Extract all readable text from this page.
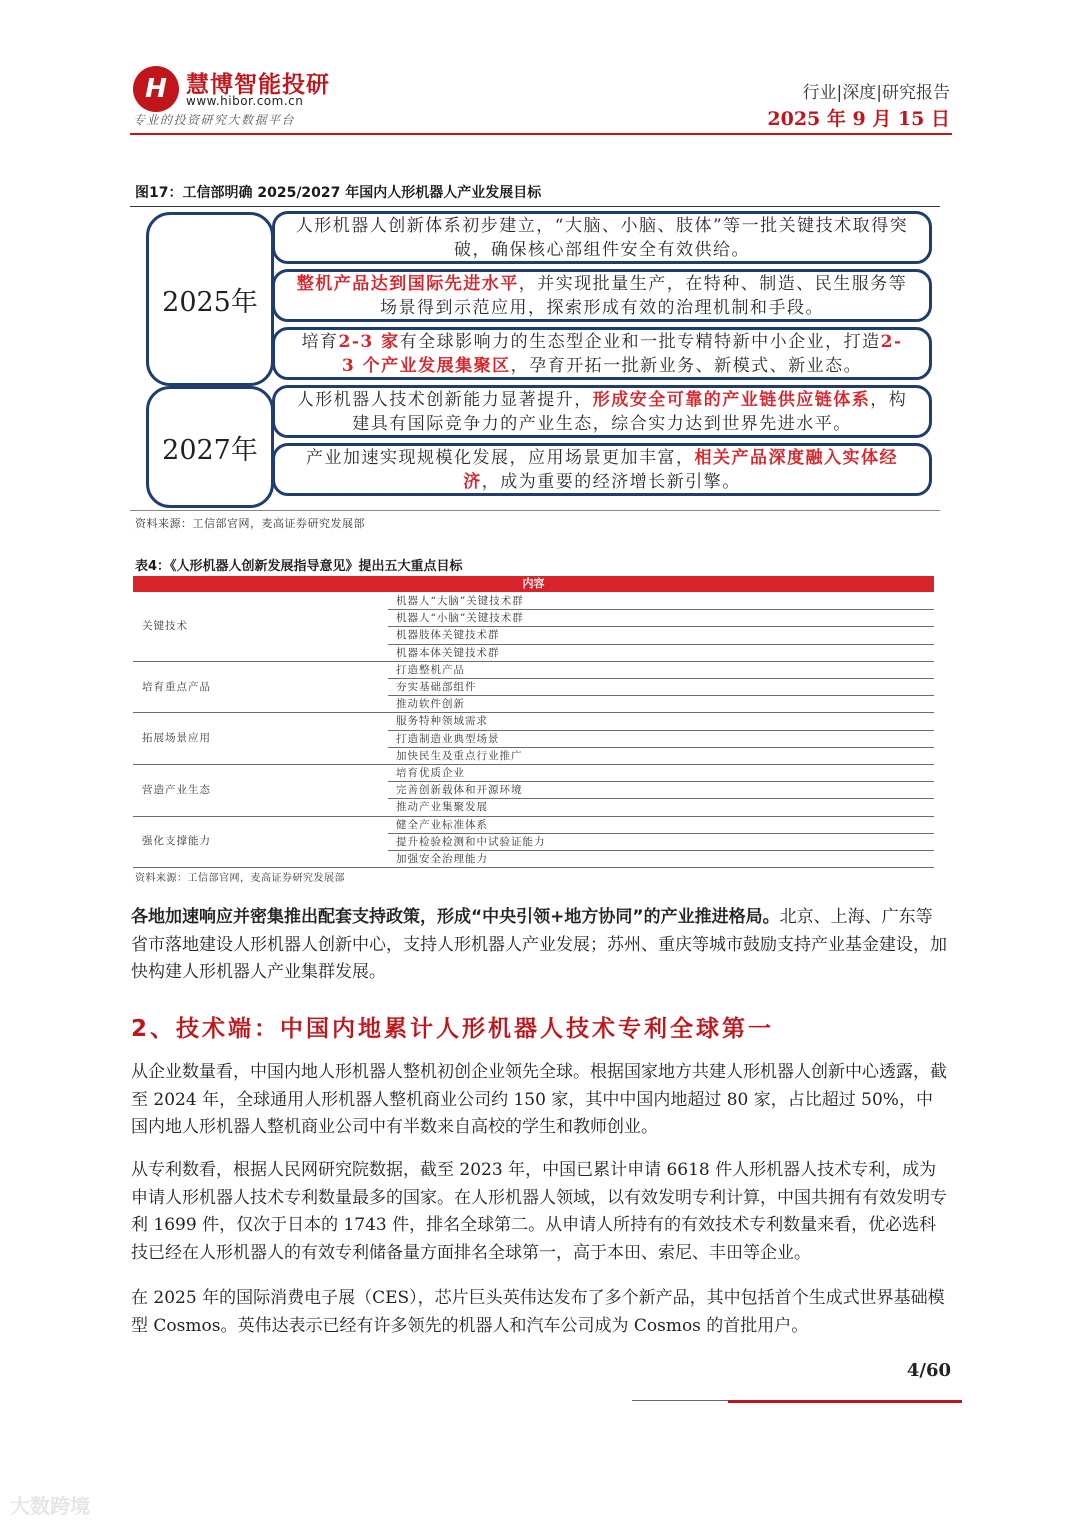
H 慧博智能投研
www.hibor.com.cn
专业的投资研究大数据平台
行业|深度|研究报告
2025 年 9 月 15 日
图17：工信部明确 2025/2027 年国内人形机器人产业发展目标
2025年
2027年
人形机器人创新体系初步建立，“大脑、小脑、肢体”等一批关键技术取得突破，确保核心部组件安全有效供给。
整机产品达到国际先进水平，并实现批量生产，在特种、制造、民生服务等场景得到示范应用，探索形成有效的治理机制和手段。
培育2-3 家有全球影响力的生态型企业和一批专精特新中小企业，打造2-3 个产业发展集聚区，孕育开拓一批新业务、新模式、新业态。
人形机器人技术创新能力显著提升，形成安全可靠的产业链供应链体系，构建具有国际竞争力的产业生态，综合实力达到世界先进水平。
产业加速实现规模化发展，应用场景更加丰富，相关产品深度融入实体经济，成为重要的经济增长新引擎。
资料来源：工信部官网，麦高证券研究发展部
表4：《人形机器人创新发展指导意见》提出五大重点目标
内容
机器人“大脑”关键技术群
机器人“小脑”关键技术群
机器肢体关键技术群
机器本体关键技术群
关键技术
打造整机产品
夯实基础部组件
推动软件创新
培育重点产品
服务特种领域需求
打造制造业典型场景
加快民生及重点行业推广
拓展场景应用
培育优质企业
完善创新载体和开源环境
推动产业集聚发展
营造产业生态
健全产业标准体系
提升检验检测和中试验证能力
加强安全治理能力
强化支撑能力
资料来源：工信部官网，麦高证券研究发展部
各地加速响应并密集推出配套支持政策，形成“中央引领+地方协同”的产业推进格局。北京、上海、广东等省市落地建设人形机器人创新中心，支持人形机器人产业发展；苏州、重庆等城市鼓励支持产业基金建设，加快构建人形机器人产业集群发展。
2、技术端：中国内地累计人形机器人技术专利全球第一
从企业数量看，中国内地人形机器人整机初创企业领先全球。根据国家地方共建人形机器人创新中心透露，截至 2024 年，全球通用人形机器人整机商业公司约 150 家，其中中国内地超过 80 家，占比超过 50%，中国内地人形机器人整机商业公司中有半数来自高校的学生和教师创业。
从专利数看，根据人民网研究院数据，截至 2023 年，中国已累计申请 6618 件人形机器人技术专利，成为申请人形机器人技术专利数量最多的国家。在人形机器人领域，以有效发明专利计算，中国共拥有有效发明专利 1699 件，仅次于日本的 1743 件，排名全球第二。从申请人所持有的有效技术专利数量来看，优必选科技已经在人形机器人的有效专利储备量方面排名全球第一，高于本田、索尼、丰田等企业。
在 2025 年的国际消费电子展（CES），芯片巨头英伟达发布了多个新产品，其中包括首个生成式世界基础模型 Cosmos。英伟达表示已经有许多领先的机器人和汽车公司成为 Cosmos 的首批用户。
4/60
大数跨境
